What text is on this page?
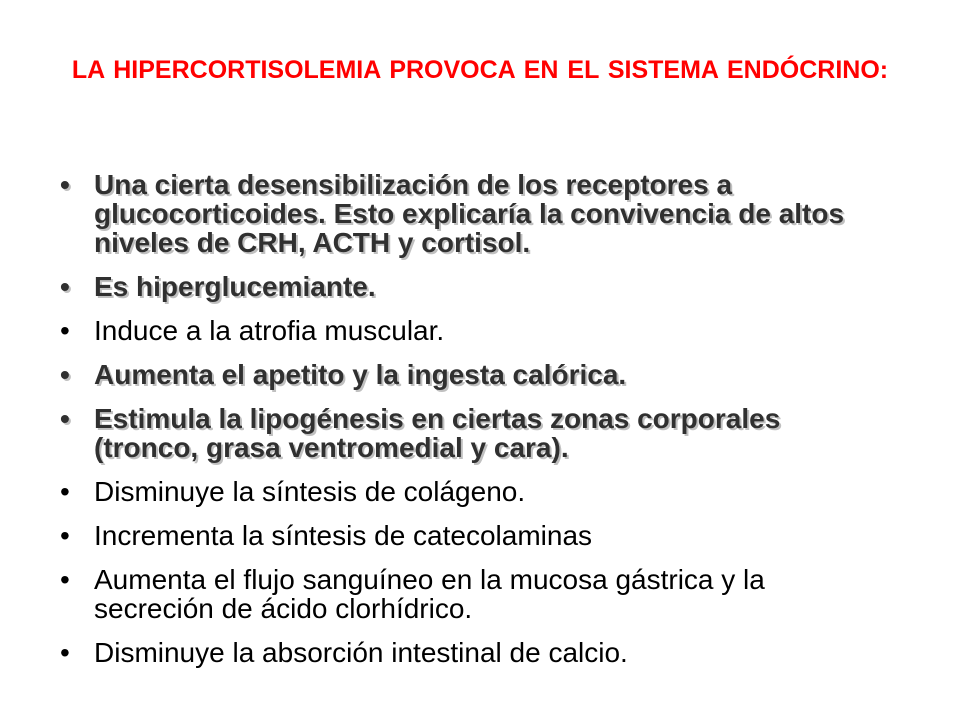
LA HIPERCORTISOLEMIA PROVOCA EN EL SISTEMA ENDÓCRINO:
• Una cierta desensibilización de los receptores a glucocorticoides. Esto explicaría la convivencia de altos niveles de CRH, ACTH y cortisol.
• Es hiperglucemiante.
• Induce a la atrofia muscular.
• Aumenta el apetito y la ingesta calórica.
• Estimula la lipogénesis en ciertas zonas corporales (tronco, grasa ventromedial y cara).
• Disminuye la síntesis de colágeno.
• Incrementa la síntesis de catecolaminas
• Aumenta el flujo sanguíneo en la mucosa gástrica y la secreción de ácido clorhídrico.
• Disminuye la absorción intestinal de calcio.
